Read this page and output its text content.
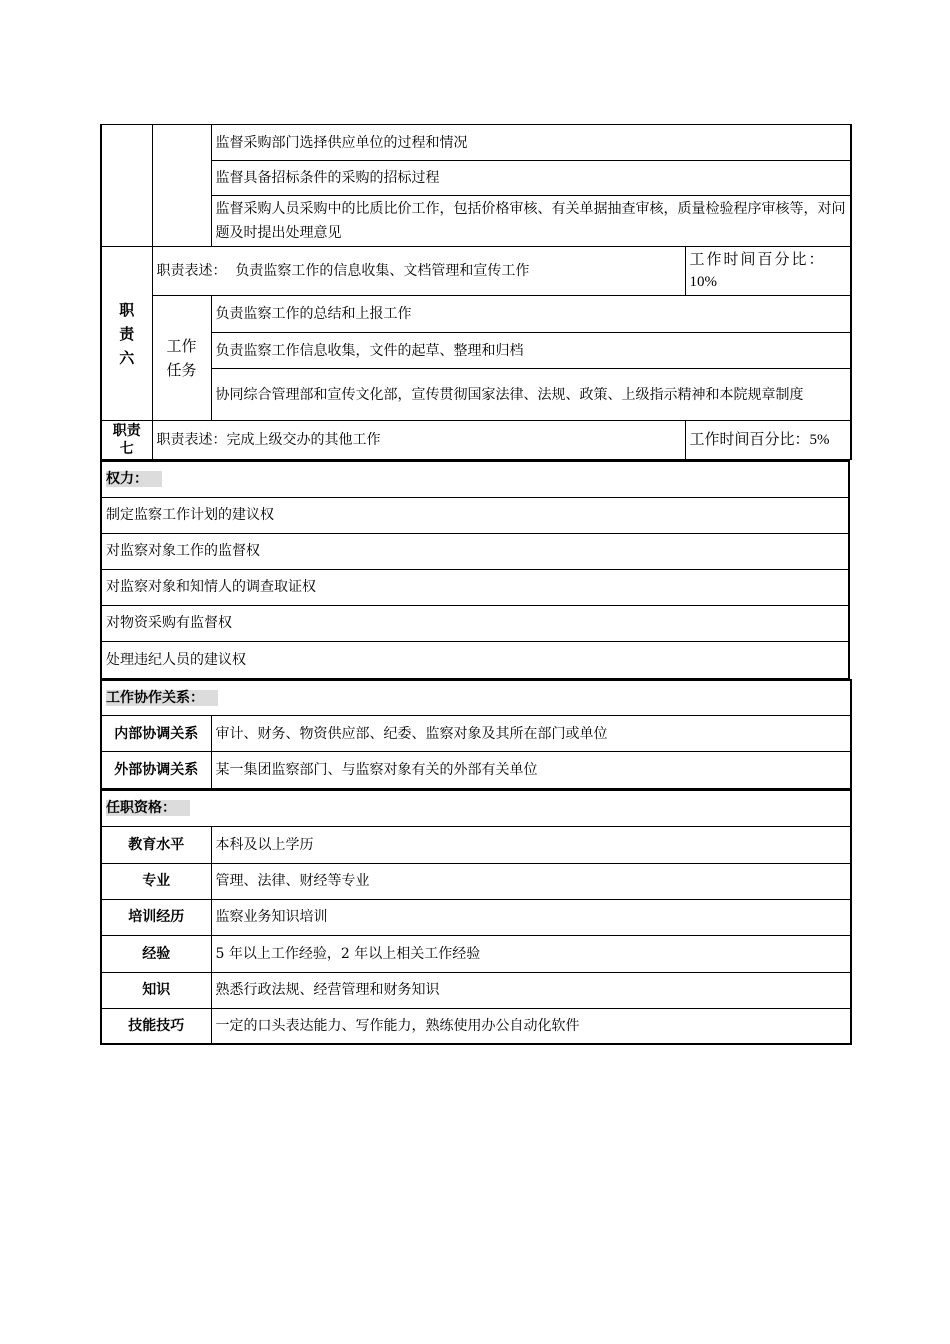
		监督采购部门选择供应单位的过程和情况	
		监督具备招标条件的采购的招标过程	
		监督采购人员采购中的比质比价工作，包括价格审核、有关单据抽查审核，质量检验程序审核等，对问题及时提出处理意见	

职责六	职责表述： 负责监察工作的信息收集、文档管理和宣传工作		工作时间百分比：
10%

	工作任务	负责监察工作的总结和上报工作	
		负责监察工作信息收集，文件的起草、整理和归档	
		协同综合管理部和宣传文化部，宣传贯彻国家法律、法规、政策、上级指示精神和本院规章制度	

职责七	职责表述：完成上级交办的其他工作		工作时间百分比：5%
权力：
制定监察工作计划的建议权
对监察对象工作的监督权
对监察对象和知情人的调查取证权
对物资采购有监督权
处理违纪人员的建议权
工作协作关系：	
内部协调关系	审计、财务、物资供应部、纪委、监察对象及其所在部门或单位
外部协调关系	某一集团监察部门、与监察对象有关的外部有关单位
任职资格：	
教育水平	本科及以上学历
专业	管理、法律、财经等专业
培训经历	监察业务知识培训
经验	5 年以上工作经验，2 年以上相关工作经验
知识	熟悉行政法规、经营管理和财务知识
技能技巧	一定的口头表达能力、写作能力，熟练使用办公自动化软件
